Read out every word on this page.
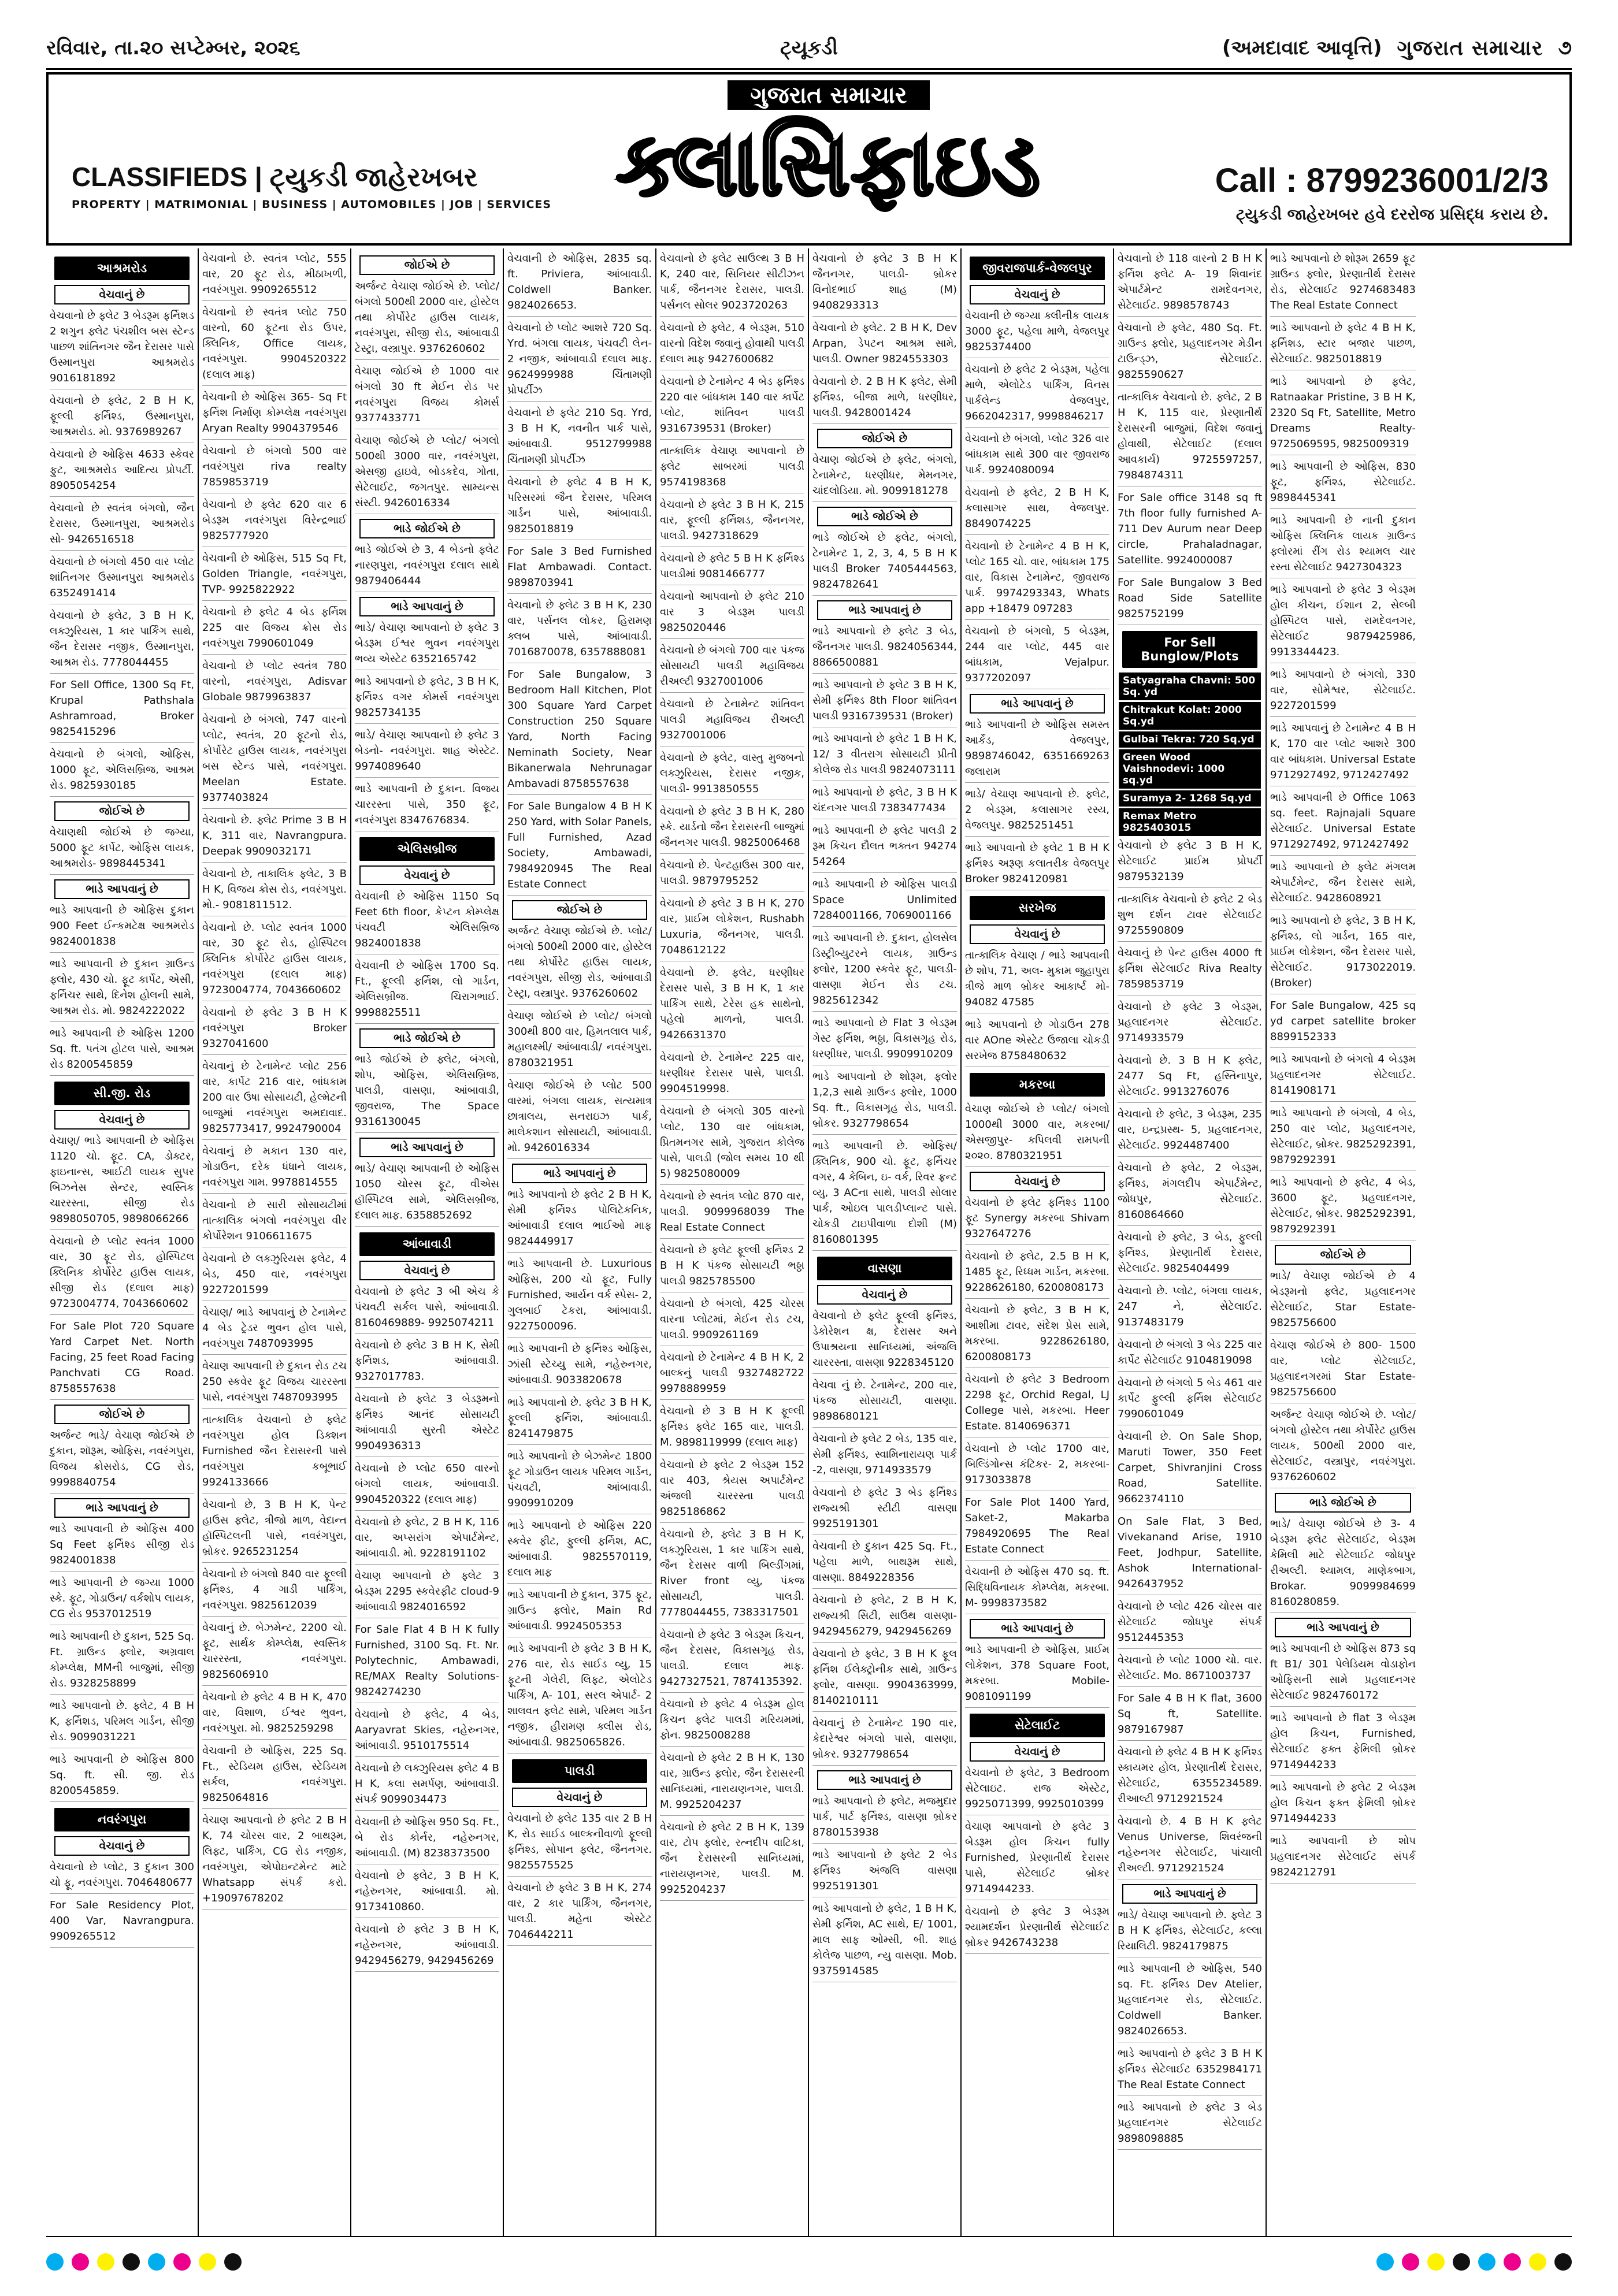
રવિવાર, તા.૨૦ સપ્ટેમ્બર, ૨૦૨૬	ટ્યૂકડી	(અમદાવાદ આવૃત્તિ) ગુજરાત સમાચાર ૭
CLASSIFIEDS | ટ્યુકડી જાહેરખબર
PROPERTY | MATRIMONIAL | BUSINESS | AUTOMOBILES | JOB | SERVICES
ગુજરાત સમાચાર
ક્લાસિફાઇડ	Call : 8799236001/2/3
ટ્યુકડી જાહેરખબર હવે દરરોજ પ્રસિદ્ધ કરાય છે.
આશ્રમરોડ
વેચવાનું છે
વેચવાનો છે ફ્લેટ 3 બેડરૂમ ફર્નિશડ 2 શગુન ફ્લેટ પંચશીલ બસ સ્ટેન્ડ પાછળ શાંતિનગર જૈન દેરાસર પાસે ઉસ્માનપુરા આશ્રમરોડ 9016181892
વેચવાનો છે ફ્લેટ, 2 B H K, ફૂલ્લી ફર્નિશ્ડ, ઉસ્માનપુરા, આશ્રમરોડ. મો. 9376989267
વેચવાનો છે ઓફિસ 4633 સ્કેવર ફુટ, આશ્રમરોડ આદિત્ય પ્રોપર્ટી. 8905054254
વેચવાનો છે સ્વતંત્ર બંગલો, જૈન દેરાસર, ઉસ્માનપુરા, આશ્રમરોડ સો- 9426516518
વેચવાનો છે બંગલો 450 વાર પ્લોટ શાંતિનગર ઉસ્માનપુરા આશ્રમરોડ 6352491414
વેચવાનો છે ફ્લેટ, 3 B H K, લક્ઝુરિયસ, 1 કાર પાર્કિંગ સાથે, જૈન દેરાસર નજીક, ઉસ્માનપુરા, આશ્રમ રોડ. 7778044455
For Sell Office, 1300 Sq Ft, Krupal Pathshala Ashramroad, Broker 9825415296
વેચવાનો છે બંગલો, ઓફિસ, 1000 ફૂટ, એલિસબ્રિજ, આશ્રમ રોડ. 9825930185
જોઈએ છે
વેચાણથી જોઈએ છે જગ્યા, 5000 ફૂટ કાર્પેટ, ઓફિસ લાયક, આશ્રમરોડ- 9898445341
ભાડે આપવાનું છે
ભાડે આપવાની છે ઓફિસ દુકાન 900 Feet ઈન્કમટેક્ષ આશ્રમરોડ 9824001838
ભાડે આપવાની છે દુકાન ગ્રાઉન્ડ ફ્લોર, 430 ચો. ફૂટ કાર્પેટ, એસી, ફર્નિચર સાથે, દિનેશ હોલની સામે, આશ્રમ રોડ. મો. 9824222022
ભાડે આપવાની છે ઓફિસ 1200 Sq. ft. પતંગ હોટલ પાસે, આશ્રમ રોડ 8200545859
સી.જી. રોડ
વેચવાનું છે
વેચાણ/ ભાડે આપવાની છે ઓફિસ 1120 ચો. ફૂટ. CA, ડોક્ટર, ફાઇનાન્સ, આઈટી લાયક સુપર બિઝનેસ સેન્ટર, સ્વસ્તિક ચારરસ્તા, સીજી રોડ 9898050705, 9898066266
વેચવાનો છે પ્લોટ સ્વતંત્ર 1000 વાર, 30 ફૂટ રોડ, હોસ્પિટલ ક્લિનિક કોર્પોરેટ હાઉસ લાયક, સીજી રોડ (દલાલ માફ) 9723004774, 7043660602
For Sale Plot 720 Square Yard Carpet Net. North Facing, 25 feet Road Facing Panchvati CG Road. 8758557638
જોઈએ છે
અર્જન્ટ ભાડે/ વેચાણ જોઈએ છે દુકાન, શૉરૂમ, ઓફિસ, નવરંગપુરા, વિજય ક્રોસરોડ, CG રોડ, 9998840754
ભાડે આપવાનું છે
ભાડે આપવાની છે ઓફિસ 400 Sq Feet ફર્નિશ્ડ સીજી રોડ 9824001838
ભાડે આપવાની છે જગ્યા 1000 સ્કે. ફૂટ, ગોડાઉન/ વર્કશોપ લાયક, CG રોડ 9537012519
ભાડે આપવાની છે દુકાન, 525 Sq. Ft. ગ્રાઉન્ડ ફ્લોર, અગ્રવાલ કોમ્પ્લેક્ષ, MMની બાજુમાં, સીજી રોડ. 9328258899
ભાડે આપવાનો છે. ફ્લેટ, 4 B H K, ફર્નિશડ, પરિમલ ગાર્ડન, સીજી રોડ. 9099031221
ભાડે આપવાની છે ઓફિસ 800 Sq. ft. સી. જી. રોડ 8200545859.
નવરંગપુરા
વેચવાનું છે
વેચવાનો છે પ્લોટ, 3 દુકાન 300 ચો ફૂ, નવરંગપુરા. 7046480677
For Sale Residency Plot, 400 Var, Navrangpura. 9909265512
વેચવાનો છે. સ્વતંત્ર પ્લોટ, 555 વાર, 20 ફૂટ રોડ, મીઠાખળી, નવરંગપુરા. 9909265512
વેચવાનો છે સ્વતંત્ર પ્લોટ 750 વારનો, 60 ફૂટના રોડ ઉપર, ક્લિનિક, Office લાયક, નવરંગપુરા. 9904520322 (દલાલ માફ)
વેચવાની છે ઓફિસ 365- Sq Ft ફર્નિશ નિર્માણ કોમ્પ્લેક્ષ નવરંગપુરા Aryan Realty 9904379546
વેચવાનો છે બંગલો 500 વાર નવરંગપુરા riva realty 7859853719
વેચવાનો છે ફ્લેટ 620 વાર 6 બેડરૂમ નવરંગપુરા વિરેન્દ્રભાઈ 9825777920
વેચવાની છે ઓફિસ, 515 Sq Ft, Golden Triangle, નવરંગપુરા, TVP- 9925822922
વેચવાનો છે ફ્લેટ 4 બેડ ફર્નિશ 225 વાર વિજય ક્રોસ રોડ નવરંગપુરા 7990601049
વેચવાનો છે પ્લોટ સ્વતંત્ર 780 વારનો, નવરંગપુરા, Adisvar Globale 9879963837
વેચવાનો છે બંગલો, 747 વારનો પ્લોટ, સ્વતંત્ર, 20 ફૂટનો રોડ, કોર્પોરેટ હાઉસ લાયક, નવરંગપુરા બસ સ્ટેન્ડ પાસે, નવરંગપુરા. Meelan Estate. 9377403824
વેચવાનો છે. ફ્લેટ Prime 3 B H K, 311 વાર, Navrangpura. Deepak 9909032171
વેચવાનો છે, તાકાલિક ફ્લેટ, 3 B H K, વિજય ક્રોસ રોડ, નવરંગપુરા. મો.- 9081811512.
વેચવાનો છે. પ્લોટ સ્વતંત્ર 1000 વાર, 30 ફૂટ રોડ, હોસ્પિટલ ક્લિનિક કોર્પોરેટ હાઉસ લાયક, નવરંગપુરા (દલાલ માફ) 9723004774, 7043660602
વેચવાનો છે ફ્લેટ 3 B H K નવરંગપુરા Broker 9327041600
વેચવાનું છે ટેનામેન્ટ પ્લોટ 256 વાર, કાર્પેટ 216 વાર, બાંધકામ 200 વાર ઉષા સોસાયટી, હેલ્મેટની બાજુમાં નવરંગપુરા અમદાવાદ. 9825773417, 9924790004
વેચવાનું છે મકાન 130 વાર, ગોડાઉન, દરેક ધંધાને લાયક, નવરંગપુરા ગામ. 9978814555
વેચવાનો છે સારી સોસાયટીમાં તાત્કાલિક બંગલો નવરંગપુરા વીર કોર્પોરેશન 9106611675
વેચવાનો છે લક્ઝુરિયસ ફ્લેટ, 4 બેડ, 450 વાર, નવરંગપુરા 9227201599
વેચાણ/ ભાડે આપવાનું છે ટેનામેન્ટ 4 બેડ ટ્રેડર ભુવન હોલ પાસે, નવરંગપુરા 7487093995
વેચાણ આપવાની છે દુકાન રોડ ટચ 250 સ્કવેર ફૂટ વિજય ચારરસ્તા પાસે, નવરંગપુરા 7487093995
તાત્કાલિક વેચવાનો છે ફ્લેટ નવરંગપુરા હોલ ડિક્શન Furnished જૈન દેરાસરની પાસે નવરંગપુરા કબૂભાઈ 9924133666
વેચવાનો છે, 3 B H K, પેન્ટ હાઉસ ફ્લેટ, ત્રીજો માળ, વેદાન્ત હૉસ્પિટલની પાસે, નવરંગપુરા, બ્રોકર. 9265231254
વેચવાનો છે બંગલો 840 વાર ફૂલ્લી ફર્નિશ્ડ, 4 ગાડી પાર્કિંગ, નવરંગપુરા. 9825612039
વેચવાનું છે. બેઝમેન્ટ, 2200 ચો. ફૂટ, સાર્થક કોમ્પ્લેક્ષ, સ્વસ્તિક ચારરસ્તા, નવરંગપુરા. 9825606910
વેચવાનો છે ફ્લેટ 4 B H K, 470 વાર, વિશાળ, ઈશ્વર ભુવન, નવરંગપુરા. મો. 9825259298
વેચવાની છે ઓફિસ, 225 Sq. Ft., સ્ટેડિયમ હાઉસ, સ્ટેડિયમ સર્કલ, નવરંગપુરા. 9825064816
વેચાણ આપવાનો છે ફ્લેટ 2 B H K, 74 ચોરસ વાર, 2 બાથરૂમ, લિફ્ટ, પાર્કિંગ, CG રોડ નજીક, નવરંગપુરા, એપોઇન્ટમેન્ટ માટે Whatsapp સંપર્ક કરો. +19097678202
જોઈએ છે
અર્જન્ટ વેચાણ જોઈએ છે. પ્લોટ/ બંગલો 500થી 2000 વાર, હોસ્ટેલ તથા કોર્પોરેટ હાઉસ લાયક, નવરંગપુરા, સીજી રોડ, આંબાવાડી ટેસ્ટ્રા, વસ્ત્રાપુર. 9376260602
વેચાણ જોઈએ છે 1000 વાર બંગલો 30 ft મેઈન રોડ પર નવરંગપુરા વિજય કોમર્સ 9377433771
વેચાણ જોઈએ છે પ્લોટ/ બંગલો 500થી 3000 વાર, નવરંગપુરા, એસજી હાઇવે, બોડકદેવ, ગોતા, સેટેલાઈટ, જગતપુર. સામ્યન્સ સંસ્ટી. 9426016334
ભાડે જોઈએ છે
ભાડે જોઈએ છે 3, 4 બેડનો ફ્લેટ નારણપુરા, નવરંગપુરા દલાલ સાથે 9879406444
ભાડે આપવાનું છે
ભાડે/ વેચાણ આપવાનો છે ફ્લેટ 3 બેડરૂમ ઈશ્વર ભુવન નવરંગપુરા ભવ્ય એસ્ટેટ 6352165742
ભાડે આપવાનો છે ફ્લેટ, 3 B H K, ફર્નિશ્ડ વગર કોમર્સ નવરંગપુરા 9825734135
ભાડે/ વેચાણ આપવાનો છે ફ્લેટ 3 બેડનો- નવરંગપુરા. શાહ એસ્ટેટ. 9974089640
ભાડે આપવાની છે દુકાન. વિજય ચારરસ્તા પાસે, 350 ફૂટ, નવરંગપુરા 8347676834.
એલિસબ્રીજ
વેચવાનું છે
વેચવાની છે ઓફિસ 1150 Sq Feet 6th floor, કેપ્ટન કોમ્પ્લેક્ષ પંચવટી એલિસબ્રિજ 9824001838
વેચવાની છે ઓફિસ 1700 Sq. Ft., ફૂલ્લી ફર્નિશ, લો ગાર્ડન, એલિસબ્રીજ. ચિરાગભાઈ. 9998825511
ભાડે જોઈએ છે
ભાડે જોઈએ છે ફ્લેટ, બંગલો, શોપ, ઓફિસ, એલિસબ્રિજ, પાલડી, વાસણા, આંબાવાડી, જીવરાજ, The Space 9316130045
ભાડે આપવાનું છે
ભાડે/ વેચાણ આપવાની છે ઓફિસ 1050 ચોરસ ફૂટ, વીએસ હૉસ્પિટલ સામે, એલિસબ્રીજ, દલાલ માફ. 6358852692
આંબાવાડી
વેચવાનું છે
વેચવાનો છે ફ્લેટ 3 બી એચ કે પંચવટી સર્કલ પાસે, આંબાવાડી. 8160469889- 9925074211
વેચવાનો છે ફ્લેટ 3 B H K, સેમી ફર્નિશડ, આંબાવાડી. 9327017783.
વેચવાનો છે ફ્લેટ 3 બેડરૂમનો ફર્નિશ્ડ આનંદ સોસાયટી આંબાવાડી સુરતી એસ્ટેટ 9904936313
વેચવાનો છે પ્લોટ 650 વારનો બંગલો લાયક, આંબાવાડી. 9904520322 (દલાલ માફ)
વેચવાનો છે ફ્લેટ, 2 B H K, 116 વાર, અપ્સરાંગ એપાર્ટમેન્ટ, આંબાવાડી. મો. 9228191102
વેચાણ આપવાનો છે ફ્લેટ 3 બેડરૂમ 2295 સ્કવેરફીટ cloud-9 આંબાવાડી 9824016592
For Sale Flat 4 B H K fully Furnished, 3100 Sq. Ft. Nr. Polytechnic, Ambawadi, RE/MAX Realty Solutions- 9824274230
વેચવાનો છે ફ્લેટ, 4 બેડ, Aaryavrat Skies, નહેરુનગર, આંબાવાડી. 9510175514
વેચવાનો છે લક્ઝુરિયસ ફ્લેટ 4 B H K, કલા સમર્પણ, આંબાવાડી. સંપર્ક 9099034473
વેચવાની છે ઓફિસ 950 Sq. Ft., બે રોડ કોર્નર, નહેરુનગર, આંબાવાડી. (M) 8238373500
વેચવાનો છે ફ્લેટ, 3 B H K, નહેરુનગર, આંબાવાડી. મો. 9173410860.
વેચવાનો છે ફ્લેટ 3 B H K, નહેરુનગર, આંબાવાડી. 9429456279, 9429456269
વેચવાની છે ઓફિસ, 2835 sq. ft. Priviera, આંબાવાડી. Coldwell Banker. 9824026653.
વેચવાનો છે પ્લોટ આશરે 720 Sq. Yrd. બંગલા લાયક, પંચવટી લેન- 2 નજીક, આંબાવાડી દલાલ માફ. 9624999988 ચિંતામણી પ્રોપર્ટીઝ
વેચવાનો છે ફ્લેટ 210 Sq. Yrd, 3 B H K, નવનીત પાર્ક પાસે, આંબાવાડી. 9512799988 ચિંતામણી પ્રોપર્ટીઝ
વેચવાનો છે ફ્લેટ 4 B H K, પરિસરમાં જૈન દેરાસર, પરિમલ ગાર્ડન પાસે, આંબાવાડી. 9825018819
For Sale 3 Bed Furnished Flat Ambawadi. Contact. 9898703941
વેચવાનો છે ફ્લેટ 3 B H K, 230 વાર, પર્સનલ લોકર, હિરામણ ક્લબ પાસે, આંબાવાડી. 7016870078, 6357888081
For Sale Bungalow, 3 Bedroom Hall Kitchen, Plot 300 Square Yard Carpet Construction 250 Square Yard, North Facing Neminath Society, Near Bikanerwala Nehrunagar Ambavadi 8758557638
For Sale Bungalow 4 B H K 250 Yard, with Solar Panels, Full Furnished, Azad Society, Ambawadi, 7984920945 The Real Estate Connect
જોઈએ છે
અર્જન્ટ વેચાણ જોઈએ છે. પ્લોટ/ બંગલો 500થી 2000 વાર, હોસ્ટેલ તથા કોર્પોરેટ હાઉસ લાયક, નવરંગપુરા, સીજી રોડ, આંબાવાડી ટેસ્ટ્રા, વસ્ત્રાપુર. 9376260602
વેચાણ જોઈએ છે પ્લોટ/ બંગલો 300થી 800 વાર, હિમતલાલ પાર્ક, મહાલક્ષ્મી/ આંબાવાડી/ નવરંગપુરા. 8780321951
વેચાણ જોઈએ છે પ્લોટ 500 વારમાં, બંગલા લાયક, સત્યમાત્ર છાત્રાલય, સનરાઇઝ પાર્ક, માલેકશાન સોસાયટી, આંબાવાડી. મો. 9426016334
ભાડે આપવાનું છે
ભાડે આપવાનો છે ફ્લેટ 2 B H K, સેમી ફર્નિશ્ડ પોલિટેકનિક, આંબાવાડી દલાલ ભાઈઓ માફ 9824449917
ભાડે આપવાની છે. Luxurious ઓફિસ, 200 ચો ફૂટ, Fully Furnished, આર્યન વર્ક સ્પેસ- 2, ગુલબાઈ ટેકરા, આંબાવાડી. 9227500096.
ભાડે આપવાની છે ફર્નિશ્ડ ઓફિસ, ઝાંસી સ્ટેચ્યુ સામે, નહેરુનગર, આંબાવાડી. 9033820678
ભાડે આપવાનો છે. ફ્લેટ 3 B H K, ફૂલ્લી ફર્નિશ, આંબાવાડી. 8241479875
ભાડે આપવાનો છે બેઝમેન્ટ 1800 ફૂટ ગોડાઉન લાયક પરિમલ ગાર્ડન, પંચવટી, આંબાવાડી. 9909910209
ભાડે આપવાનો છે ઓફિસ 220 સ્કવેર ફીટ, ફુલ્લી ફર્નિશ, AC, આંબાવાડી. 9825570119, દલાલ માફ
ભાડે આપવાની છે દુકાન, 375 ફૂટ, ગ્રાઉન્ડ ફ્લોર, Main Rd આંબાવાડી. 9924505353
ભાડે આપવાની છે ફ્લેટ 3 B H K, 276 વાર, રોડ સાઈડ વ્યુ, 15 ફૂટની ગેલેરી, લિફ્ટ, એલોટેડ પાર્કિંગ, A- 101, સરલ એપાર્ટ- 2 શાલવત ફ્લેટ સામે, પરિમલ ગાર્ડન નજીક, હીરામણ ક્લીસ રોડ, આંબાવાડી. 9825065826.
પાલડી
વેચવાનું છે
વેચવાનો છે ફ્લેટ 135 વાર 2 B H K, રોડ સાઈડ બાલ્કનીવાળો ફૂલ્લી ફર્નિશ્ડ, સોપાન ફ્લેટ, જૈનનગર. 9825575525
વેચવાનો છે ફ્લેટ 3 B H K, 274 વાર, 2 કાર પાર્કિંગ, જૈનનગર, પાલડી. મહેતા એસ્ટેટ 7046442211
વેચવાનો છે ફ્લેટ સાઉલ્થ 3 B H K, 240 વાર, સિનિયર સીટીઝન પાર્ક, જૈનનગર દેરાસર, પાલડી. પર્સનલ સોલર 9023720263
વેચવાનો છે ફ્લેટ, 4 બેડરૂમ, 510 વારનો વિદેશ જવાનું હોવાથી પાલડી દલાલ માફ 9427600682
વેચવાનો છે ટેનામેન્ટ 4 બેડ ફર્નિશ્ડ 220 વાર બાંધકામ 140 વાર કાર્પેટ પ્લોટ, શાંતિવન પાલડી 9316739531 (Broker)
તાત્કાલિક વેચાણ આપવાનો છે ફ્લેટ સાબરમાં પાલડી 9574198368
વેચવાનો છે ફ્લેટ 3 B H K, 215 વાર, ફૂલ્લી ફર્નિશડ, જૈનનગર, પાલડી. 9427318629
વેચવાનો છે ફ્લેટ 5 B H K ફર્નિશ્ડ પાલડીમાં 9081466777
વેચવાનો આપવાનો છે ફ્લેટ 210 વાર 3 બેડરૂમ પાલડી 9825020446
વેચવાનો છે બંગલો 700 વાર પંકજ સોસાયટી પાલડી મહાવિજય રીઅલ્ટી 9327001006
વેચવાનો છે ટેનામેન્ટ શાંતિવન પાલડી મહાવિજય રીઅલ્ટી 9327001006
વેચવાનો છે ફ્લેટ, વાસ્તુ મુજબનો લક્ઝુરિયસ, દેરાસર નજીક, પાલડી- 9913850555
વેચવાનો છે ફ્લેટ 3 B H K, 280 સ્કે. યાર્ડનો જૈન દેરાસરની બાજુમાં જૈનનગર પાલડી. 9825006468
વેચવાનો છે. પેન્ટહાઉસ 300 વાર, પાલડી. 9879795252
વેચવાનો છે ફ્લેટ 3 B H K, 270 વાર, પ્રાઈમ લોકેશન, Rushabh Luxuria, જૈનનગર, પાલડી. 7048612122
વેચવાનો છે. ફ્લેટ, ધરણીધર દેરાસર પાસે, 3 B H K, 1 કાર પાર્કિંગ સાથે, ટેરેસ હક સાથેનો, પહેલો માળનો, પાલડી. 9426631370
વેચવાનો છે. ટેનામેન્ટ 225 વાર, ધરણીધર દેરાસર પાસે, પાલડી. 9904519998.
વેચવાનો છે બંગલો 305 વારનો પ્લોટ, 130 વાર બાંધકામ, પ્રિતમનગર સામે, ગુજરાત કોલેજ પાસે, પાલડી (જોલ સમય 10 થી 5) 9825080009
વેચવાનો છે સ્વતંત્ર પ્લોટ 870 વાર, પાલડી. 9099968039 The Real Estate Connect
વેચવાનો છે ફ્લેટ ફૂલ્લી ફર્નિશ્ડ 2 B H K પંકજ સોસાયટી ભઠ્ઠા પાલડી 9825785500
વેચવાનો છે બંગલો, 425 ચોરસ વારના પ્લોટમાં, મેઈન રોડ ટચ, પાલડી. 9909261169
વેચવાનો છે ટેનામેન્ટ 4 B H K, 2 બાલ્કનું પાલડી 9327482722 9978889959
વેચવાનો છે 3 B H K ફૂલ્લી ફર્નિશ્ડ ફ્લેટ 165 વાર, પાલડી. M. 9898119999 (દલાલ માફ)
વેચવાનો છે ફ્લેટ 2 બેડરૂમ 152 વાર 403, શ્રેયસ અપાર્ટમેન્ટ અંજલી ચારરસ્તા પાલડી 9825186862
વેચવાનો છે, ફ્લેટ 3 B H K, લક્ઝુરિયસ, 1 કાર પાર્કિંગ સાથે, જૈન દેરાસર વાળી બિલ્ડીંગમાં, River front વ્યુ, પંકજ સોસાયટી, પાલડી. 7778044455, 7383317501
વેચવાનો છે ફ્લેટ 3 બેડરૂમ કિચન, જૈન દેરાસર, વિકાસગૃહ રોડ, પાલડી. દલાલ માફ. 9427327521, 7874135392.
વેચવાનો છે ફ્લેટ 4 બેડરૂમ હોલ કિચન ફ્લેટ પાલડી મરિયમમાં, ફોન. 9825008288
વેચવાનો છે ફ્લેટ 2 B H K, 130 વાર, ગ્રાઉન્ડ ફ્લોર, જૈન દેરાસરની સાનિધ્યમાં, નારાયણનગર, પાલડી. M. 9925204237
વેચવાનો છે ફ્લેટ 2 B H K, 139 વાર, ટોપ ફ્લોર, રત્નદીપ વાટિકા, જૈન દેરાસરની સાનિધ્યમાં, નારાયણનગર, પાલડી. M. 9925204237
વેચવાનો છે ફ્લેટ 3 B H K જૈનનગર, પાલડી- બ્રોકર વિનોદભાઈ શાહ (M) 9408293313
વેચવાનો છે ફ્લેટ. 2 B H K, Dev Arpan, ડેપટન આશ્રમ સામે, પાલડી. Owner 9824553303
વેચવાનો છે. 2 B H K ફ્લેટ, સેમી ફર્નિશ્ડ, બીજા માળે, ધરણીધર, પાલડી. 9428001424
જોઈએ છે
વેચાણ જોઈએ છે ફ્લેટ, બંગલો, ટેનામેન્ટ, ધરણીધર, મેમનગર, ચાંદલોડિયા. મો. 9099181278
ભાડે જોઈએ છે
ભાડે જોઈએ છે ફ્લેટ, બંગલો, ટેનામેન્ટ 1, 2, 3, 4, 5 B H K પાલડી Broker 7405444563, 9824782641
ભાડે આપવાનું છે
ભાડે આપવાનો છે ફ્લેટ 3 બેડ, જૈનનગર પાલડી. 9824056344, 8866500881
ભાડે આપવાનો છે ફ્લેટ 3 B H K, સેમી ફર્નિશ્ડ 8th Floor શાંતિવન પાલડી 9316739531 (Broker)
ભાડે આપવાનો છે ફ્લેટ 1 B H K, 12/ 3 વીતરાગ સોસાયટી પ્રીતી કોલેજ રોડ પાલડી 9824073111
ભાડે આપવાનો છે ફ્લેટ, 3 B H K ચંદનગર પાલડી 7383477434
ભાડે આપવાની છે ફ્લેટ પાલડી 2 રૂમ કિચન દૌલત ભક્તન 94274 54264
ભાડે આપવાની છે ઓફિસ પાલડી Space Unlimited 7284001166, 7069001166
ભાડે આપવાની છે. દુકાન, હોલસેલ ડિસ્ટ્રીબ્યુટરને લાયક, ગ્રાઉન્ડ ફ્લોર, 1200 સ્કવેર ફૂટ, પાલડી- વાસણા મેઈન રોડ ટચ. 9825612342
ભાડે આપવાનો છે Flat 3 બેડરૂમ ગેસ્ટ ફર્નિશ, ભઠ્ઠા, વિકાસગૃહ રોડ, ધરણીધર, પાલડી. 9909910209
ભાડે આપવાનો છે શોરૂમ, ફ્લોર 1,2,3 સાથે ગ્રાઉન્ડ ફ્લોર, 1000 Sq. ft., વિકાસગૃહ રોડ, પાલડી. બ્રોકર. 9327798654
ભાડે આપવાની છે. ઓફિસ/ ક્લિનિક, 900 ચો. ફૂટ, ફર્નિચર વગર, 4 કેબિન, ઇ- વર્ક, રિવર ફ્રન્ટ વ્યુ, 3 ACના સાથે, પાલડી સોલાર પાર્ક, ઓઇલ પાલડીપ્લાન્ટ પાસે. ચોકડી ટાઇપીવાળા દોશી (M) 8160801395
વાસણા
વેચવાનું છે
વેચવાનો છે ફ્લેટ ફૂલ્લી ફર્નિશ્ડ, ડેકોરેશન ક્ષ, દેરાસર અને ઉપાશ્રયના સાનિધ્યમાં, અંજલિ ચારરસ્તા, વાસણા 9228345120
વેચવા નું છે. ટેનામેન્ટ, 200 વાર, પંકજ સોસાયટી, વાસણા. 9898680121
વેચવાનો છે ફ્લેટ 2 બેડ, 135 વાર, સેમી ફર્નિશ્ડ, સ્વામિનારાયણ પાર્ક -2, વાસણા, 9714933579
વેચવાનો છે ફ્લેટ 3 બેડ ફર્નિશ્ડ રાજ્યશ્રી સ્ટીટી વાસણા 9925191301
વેચવાની છે દુકાન 425 Sq. Ft., પહેલા માળે, બાથરૂમ સાથે, વાસણા. 8849228356
વેચવાનો છે ફ્લેટ, 2 B H K, રાજ્યશ્રી સિટી, સાઉથ વાસણા- 9429456279, 9429456269
વેચવાનો છે ફ્લેટ, 3 B H K ફૂલ ફર્નિશ ઈલેક્ટ્રોનીક સાથે, ગ્રાઉન્ડ ફ્લોર, વાસણા. 9904363999, 8140210111
વેચવાનું છે ટેનામેન્ટ 190 વાર, કેદારેશ્વર બંગલો પાસે, વાસણા, બ્રોકર. 9327798654
ભાડે આપવાનું છે
ભાડે આપવાનો છે ફ્લેટ, મજમુદાર પાર્ક, પાર્ટ ફર્નિશ્ડ, વાસણા બ્રોકર 8780153938
ભાડે આપવાનો છે ફ્લેટ 2 બેડ ફર્નિશ્ડ અંજલિ વાસણા 9925191301
ભાડે આપવાનો છે ફ્લેટ, 1 B H K, સેમી ફર્નિશ, AC સાથે, E/ 1001, માલ સાફ ઓમ્સી, બી. શાહ કોલેજ પાછળ, ન્યુ વાસણા. Mob. 9375914585
જીવરાજપાર્ક-વેજલપુર
વેચવાનું છે
વેચવાની છે જગ્યા ક્લીનીક લાયક 3000 ફૂટ, પહેલા માળે, વેજલપુર 9825374400
વેચવાનો છે ફ્લેટ 2 બેડરૂમ, પહેલા માળે, એલોટેડ પાર્કિંગ, વિનસ પાર્કલેન્ડ વેજલપુર, 9662042317, 9998846217
વેચવાનો છે બંગલો, પ્લોટ 326 વાર બાંધકામ સાથે 300 વાર જીવરાજ પાર્ક. 9924080094
વેચવાનો છે ફ્લેટ, 2 B H K, કલાસાગર સાથ, વેજલપુર. 8849074225
વેચવાનો છે ટેનામેન્ટ 4 B H K, પ્લોટ 165 ચો. વાર, બાંધકામ 175 વાર, વિકાસ ટેનામેન્ટ, જીવરાજ પાર્ક. 9974293343, Whats app +18479 097283
વેચવાનો છે બંગલો, 5 બેડરૂમ, 244 વાર પ્લોટ, 445 વાર બાંધકામ, Vejalpur. 9377202097
ભાડે આપવાનું છે
ભાડે આપવાની છે ઓફિસ સમસ્ત આર્કેડ, વેજલપુર, 9898746042, 6351669263 જલારામ
ભાડે/ વેચાણ આપવાનો છે. ફ્લેટ, 2 બેડરૂમ, કલાસાગર રસ્ય, વેજલપુર. 9825251451
ભાડે આપવાનો છે ફ્લેટ 1 B H K ફર્નિશ્ડ અરૂણ કલાતરીક વેજલપુર Broker 9824120981
સરખેજ
વેચવાનું છે
તાત્કાલિક વેચાણ / ભાડે આપવાની છે શોપ, 71, અલ- મુકામ જુહાપુરા ત્રીજે માળ બ્રોકર આકાર્ષ્ટ મો- 94082 47585
ભાડે આપવાનો છે ગોડાઉન 278 વાર AOne એસ્ટેટ ઉજાલા ચોકડી સરખેજ 8758480632
મકરબા
વેચાણ જોઈએ છે પ્લોટ/ બંગલો 1000થી 3000 વાર, મકરબા/ એસજીપુર- કપિલવી રામપની ૨૦૨૦. 8780321951
વેચવાનું છે
વેચવાનો છે ફ્લેટ ફર્નિશ્ડ 1100 ફૂટ Synergy મકરબા Shivam 9327647276
વેચવાનો છે ફ્લેટ, 2.5 B H K, 1485 ફૂટ, રિધ્ધમ ગાર્ડન, મકરબા. 9228626180, 6200808173
વેચવાનો છે ફ્લેટ, 3 B H K, આશીમા ટાવર, સંદેશ પ્રેસ સામે, મકરબા. 9228626180, 6200808173
વેચવાનો છે ફ્લેટ 3 Bedroom 2298 ફૂટ, Orchid Regal, LJ College પાસે, મકરબા. Heer Estate. 8140696371
વેચવાનો છે પ્લોટ 1700 વાર, બિલ્ડિંગોન્સ કંટિકર- 2, મકરબા- 9173033878
For Sale Plot 1400 Yard, Saket-2, Makarba 7984920695 The Real Estate Connect
વેચવાની છે ઓફિસ 470 sq. ft. સિદ્ધિવિનાયક કોમ્પ્લેક્ષ, મકરબા. M- 9998373582
ભાડે આપવાનું છે
ભાડે આપવાની છે ઓફિસ, પ્રાઈમ લોકેશન, 378 Square Foot, મકરબા. Mobile- 9081091199
સેટેલાઈટ
વેચવાનું છે
વેચવાનો છે ફ્લેટ, 3 Bedroom સેટેલાઇટ. રાજ એસ્ટેટ, 9925071399, 9925010399
વેચાણ આપવાનો છે ફ્લેટ 3 બેડરૂમ હોલ કિચન fully Furnished, પ્રેરણાતીર્થ દેરાસર પાસે, સેટેલાઈટ બ્રોકર 9714944233.
વેચવાનો છે ફ્લેટ 3 બેડરૂમ શ્યામદર્શન પ્રેરણાતીર્થ સેટેલાઈટ બ્રોકર 9426743238
વેચવાનો છે 118 વારનો 2 B H K ફર્નિશ ફ્લેટ A- 19 શિવાનંદ એપાર્ટમેન્ટ રામદેવનગર, સેટેલાઈટ. 9898578743
વેચવાનો છે ફ્લેટ, 480 Sq. Ft. ગ્રાઉન્ડ ફ્લોર, પ્રહલાદનગર મેડીન ટાઉન્ડ્ઝ, સેટેલાઈટ. 9825590627
તાત્કાલિક વેચવાનો છે. ફ્લેટ, 2 B H K, 115 વાર, પ્રેરણાતીર્થ દેરાસરની બાજુમાં, વિદેશ જવાનું હોવાથી, સેટેલાઈટ (દલાલ આવકાર્ય) 9725597257, 7984874311
For Sale office 3148 sq ft 7th floor fully furnished A- 711 Dev Aurum near Deep circle, Prahaladnagar, Satellite. 9924000087
For Sale Bungalow 3 Bed Road Side Satellite 9825752199
For Sell Bunglow/Plots
Satyagraha Chavni: 500 Sq. yd
Chitrakut Kolat: 2000 Sq.yd
Gulbai Tekra: 720 Sq.yd
Green Wood Vaishnodevi: 1000 sq.yd
Suramya 2- 1268 Sq.yd
Remax Metro 9825403015
વેચવાનો છે ફ્લેટ 3 B H K, સેટેલાઈટ પ્રાઈમ પ્રોપર્ટી 9879532139
તાત્કાલિક વેચવાનો છે ફ્લેટ 2 બેડ શુભ દર્શન ટાવર સેટેલાઈટ 9725590809
વેચવાનું છે પેન્ટ હાઉસ 4000 ft ફર્નિશ સેટેલાઈટ Riva Realty 7859853719
વેચવાનો છે ફ્લેટ 3 બેડરૂમ, પ્રહલાદનગર સેટેલાઈટ. 9714933579
વેચવાનો છે. 3 B H K ફ્લેટ, 2477 Sq Ft, હસ્તિનાપુર, સેટેલાઈટ. 9913276076
વેચવાનો છે ફ્લેટ, 3 બેડરૂમ, 235 વાર, ઇન્દ્રપ્રસ્થ- 5, પ્રહલાદનગર, સેટેલાઈટ. 9924487400
વેચવાનો છે ફ્લેટ, 2 બેડરૂમ, ફર્નિશ્ડ, મંગલદીપ એપાર્ટમેન્ટ, જોધપુર, સેટેલાઈટ. 8160864660
વેચવાનો છે ફ્લેટ, 3 બેડ, ફુલ્લી ફર્નિશ્ડ, પ્રેરણાતીર્થ દેરાસર, સેટેલાઈટ. 9825404499
વેચવાનો છે. પ્લોટ, બંગલા લાયક, 247 ને, સેટેલાઈટ. 9137483179
વેચવાનો છે બંગલો 3 બેડ 225 વાર કાર્પેટ સેટેલાઈટ 9104819098
વેચવાનો છે બંગલો 5 બેડ 461 વાર કાર્પેટ ફુલ્લી ફર્નિશ સેટેલાઈટ 7990601049
વેચવાની છે. On Sale Shop, Maruti Tower, 350 Feet Carpet, Shivranjini Cross Road, Satellite. 9662374110
On Sale Flat, 3 Bed, Vivekanand Arise, 1910 Feet, Jodhpur, Satellite, Ashok International- 9426437952
વેચવાનો છે પ્લોટ 426 ચોરસ વાર સેટેલાઈટ જોધપુર સંપર્ક 9512445353
વેચવાનો છે પ્લોટ 1000 ચો. વાર. સેટેલાઈટ. Mo. 8671003737
For Sale 4 B H K flat, 3600 Sq ft, Satellite. 9879167987
વેચવાનો છે ફ્લેટ 4 B H K ફર્નિશ્ડ સ્કાયમર હોલ, પ્રેરણાતીર્થ દેરાસર, સેટેલાઈટ, 6355234589. રીઆલ્ટી 9712921524
વેચવાનો છે. 4 B H K ફ્લેટ Venus Universe, શિવરંજની નહેરુનગર સેટેલાઈટ, પાંચાલી રીઅલ્ટી. 9712921524
ભાડે આપવાનું છે
ભાડે/ વેચાણ આપવાનો છે. ફ્લેટ 3 B H K ફર્નિશ્ડ, સેટેલાઈટ, કલ્લા રિયાલિટી. 9824179875
ભાડે આપવાની છે ઓફિસ, 540 sq. Ft. ફર્નિશ્ડ Dev Atelier, પ્રહલાદનગર રોડ, સેટેલાઈટ. Coldwell Banker. 9824026653.
ભાડે આપવાનો છે ફ્લેટ 3 B H K ફર્નિશ્ડ સેટેલાઈટ 6352984171 The Real Estate Connect
ભાડે આપવાનો છે ફ્લેટ 3 બેડ પ્રહલાદનગર સેટેલાઈટ 9898098885
ભાડે આપવાનો છે શોરૂમ 2659 ફૂટ ગ્રાઉન્ડ ફ્લોર, પ્રેરણાતીર્થ દેરાસર રોડ, સેટેલાઈટ 9274683483 The Real Estate Connect
ભાડે આપવાનો છે ફ્લેટ 4 B H K, ફર્નિશડ, સ્ટાર બજાર પાછળ, સેટેલાઈટ. 9825018819
ભાડે આપવાનો છે ફ્લેટ, Ratnaakar Pristine, 3 B H K, 2320 Sq Ft, Satellite, Metro Dreams Realty- 9725069595, 9825009319
ભાડે આપવાની છે ઓફિસ, 830 ફૂટ, ફર્નિશ્ડ, સેટેલાઈટ. 9898445341
ભાડે આપવાની છે નાની દુકાન ઓફિસ ક્લિનિક લાયક ગ્રાઉન્ડ ફ્લોરમાં રીંગ રોડ શ્યામલ ચાર રસ્તા સેટેલાઈટ 9427304323
ભાડે આપવાનો છે ફ્લેટ 3 બેડરૂમ હોલ કીચન, ઈશાન 2, સેલ્બી હોસ્પિટલ પાસે, રામદેવનગર, સેટેલાઈટ 9879425986, 9913344423.
ભાડે આપવાનો છે બંગલો, 330 વાર, સોમેશ્વર, સેટેલાઈટ. 9227201599
ભાડે આપવાનું છે ટેનામેન્ટ 4 B H K, 170 વાર પ્લોટ આશરે 300 વાર બાંધકામ. Universal Estate 9712927492, 9712427492
ભાડે આપવાની છે Office 1063 sq. feet. Rajnajali Square સેટેલાઈટ. Universal Estate 9712927492, 9712427492
ભાડે આપવાનો છે ફ્લેટ મંગલમ એપાર્ટમેન્ટ, જૈન દેરાસર સામે, સેટેલાઈટ. 9428608921
ભાડે આપવાનો છે ફ્લેટ, 3 B H K, ફર્નિશ્ડ, લો ગાર્ડન, 165 વાર, પ્રાઈમ લોકેશન, જૈન દેરાસર પાસે, સેટેલાઈટ. 9173022019. (Broker)
For Sale Bungalow, 425 sq yd carpet satellite broker 8899152333
ભાડે આપવાનો છે બંગલો 4 બેડરૂમ પ્રહલાદનગર સેટેલાઈટ. 8141908171
ભાડે આપવાનો છે બંગલો, 4 બેડ, 250 વાર પ્લોટ, પ્રહલાદનગર, સેટેલાઈટ, બ્રોકર. 9825292391, 9879292391
ભાડે આપવાનો છે ફ્લેટ, 4 બેડ, 3600 ફૂટ, પ્રહલાદનગર, સેટેલાઈટ, બ્રોકર. 9825292391, 9879292391
જોઈએ છે
ભાડે/ વેચાણ જોઈએ છે 4 બેડરૂમનો ફ્લેટ, પ્રહલાદનગર સેટેલાઈટ, Star Estate- 9825756600
વેચાણ જોઈએ છે 800- 1500 વાર, પ્લોટ સેટેલાઈટ, પ્રહલાદનગરમાં Star Estate- 9825756600
અર્જન્ટ વેચાણ જોઈએ છે. પ્લોટ/ બંગલો હોસ્ટેલ તથા કોર્પોરેટ હાઉસ લાયક, 500થી 2000 વાર, સેટેલાઈટ, વસ્ત્રાપુર, નવરંગપુરા. 9376260602
ભાડે જોઈએ છે
ભાડે/ વેચાણ જોઈએ છે 3- 4 બેડરૂમ ફ્લેટ સેટેલાઈટ, બેડરૂમ કેમિલી માટે સેટેલાઈટ જોધપુર રીઅલ્ટી. શ્યામલ, માણેકબાગ, Brokar. 9099984699 8160280859.
ભાડે આપવાનું છે
ભાડે આપવાની છે ઓફિસ 873 sq ft B1/ 301 પેલેડિયમ વોડાફોન ઓફિસની સામે પ્રહલાદનગર સેટેલાઈટ 9824760172
ભાડે આપવાનો છે flat 3 બેડરૂમ હોલ કિચન, Furnished, સેટેલાઈટ ફક્ત ફેમિલી બ્રોકર 9714944233
ભાડે આપવાનો છે ફ્લેટ 2 બેડરૂમ હોલ કિચન ફક્ત ફેમિલી બ્રોકર 9714944233
ભાડે આપવાની છે શોપ પ્રહલાદનગર સેટેલાઈટ સંપર્ક 9824212791
